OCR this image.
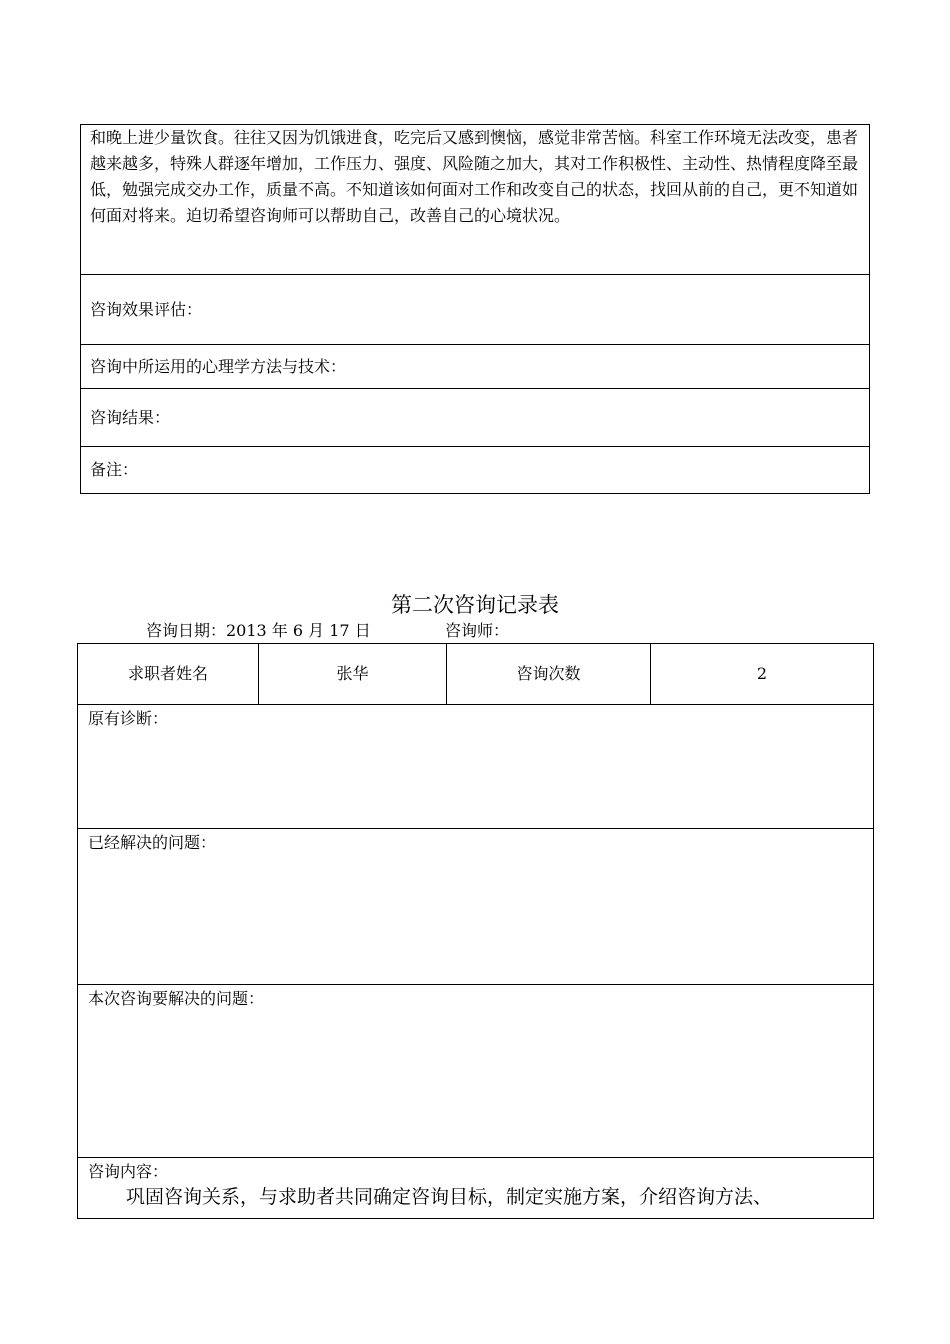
和晚上进少量饮食。往往又因为饥饿进食，吃完后又感到懊恼，感觉非常苦恼。科室工作环境无法改变，患者越来越多，特殊人群逐年增加，工作压力、强度、风险随之加大，其对工作积极性、主动性、热情程度降至最低，勉强完成交办工作，质量不高。不知道该如何面对工作和改变自己的状态，找回从前的自己，更不知道如何面对将来。迫切希望咨询师可以帮助自己，改善自己的心境状况。
咨询效果评估：
咨询中所运用的心理学方法与技术：
咨询结果：
备注：
第二次咨询记录表
咨询日期：2013 年 6 月 17 日	咨询师：
求职者姓名	张华	咨询次数	2
原有诊断：
已经解决的问题：
本次咨询要解决的问题：

咨询内容：
巩固咨询关系，与求助者共同确定咨询目标，制定实施方案，介绍咨询方法、
